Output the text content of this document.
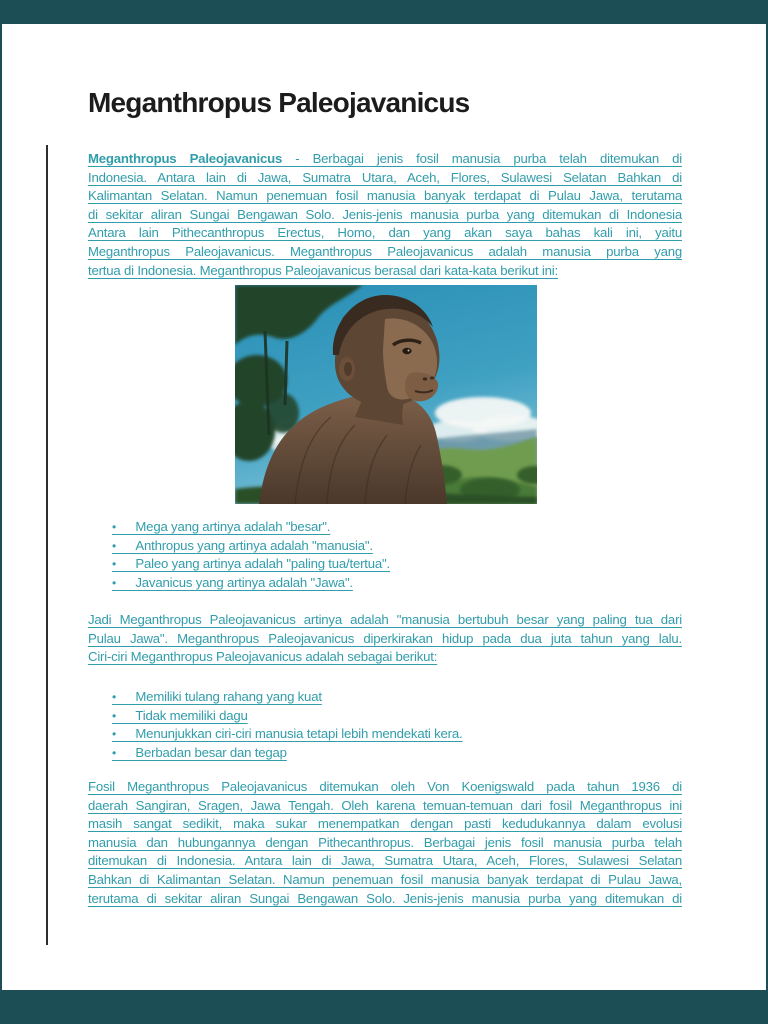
Meganthropus Paleojavanicus
Meganthropus Paleojavanicus - Berbagai jenis fosil manusia purba telah ditemukan di
Indonesia. Antara lain di Jawa, Sumatra Utara, Aceh, Flores, Sulawesi Selatan Bahkan di
Kalimantan Selatan. Namun penemuan fosil manusia banyak terdapat di Pulau Jawa, terutama
di sekitar aliran Sungai Bengawan Solo. Jenis-jenis manusia purba yang ditemukan di Indonesia
Antara lain Pithecanthropus Erectus, Homo, dan yang akan saya bahas kali ini, yaitu
Meganthropus Paleojavanicus. Meganthropus Paleojavanicus adalah manusia purba yang
tertua di Indonesia. Meganthropus Paleojavanicus berasal dari kata-kata berikut ini:
•  Mega yang artinya adalah "besar".
•  Anthropus yang artinya adalah "manusia".
•  Paleo yang artinya adalah "paling tua/tertua".
•  Javanicus yang artinya adalah "Jawa".
Jadi Meganthropus Paleojavanicus artinya adalah "manusia bertubuh besar yang paling tua dari
Pulau Jawa". Meganthropus Paleojavanicus diperkirakan hidup pada dua juta tahun yang lalu.
Ciri-ciri Meganthropus Paleojavanicus adalah sebagai berikut:
•  Memiliki tulang rahang yang kuat
•  Tidak memiliki dagu
•  Menunjukkan ciri-ciri manusia tetapi lebih mendekati kera.
•  Berbadan besar dan tegap
Fosil Meganthropus Paleojavanicus ditemukan oleh Von Koenigswald pada tahun 1936 di
daerah Sangiran, Sragen, Jawa Tengah. Oleh karena temuan-temuan dari fosil Meganthropus ini
masih sangat sedikit, maka sukar menempatkan dengan pasti kedudukannya dalam evolusi
manusia dan hubungannya dengan Pithecanthropus. Berbagai jenis fosil manusia purba telah
ditemukan di Indonesia. Antara lain di Jawa, Sumatra Utara, Aceh, Flores, Sulawesi Selatan
Bahkan di Kalimantan Selatan. Namun penemuan fosil manusia banyak terdapat di Pulau Jawa,
terutama di sekitar aliran Sungai Bengawan Solo. Jenis-jenis manusia purba yang ditemukan di
